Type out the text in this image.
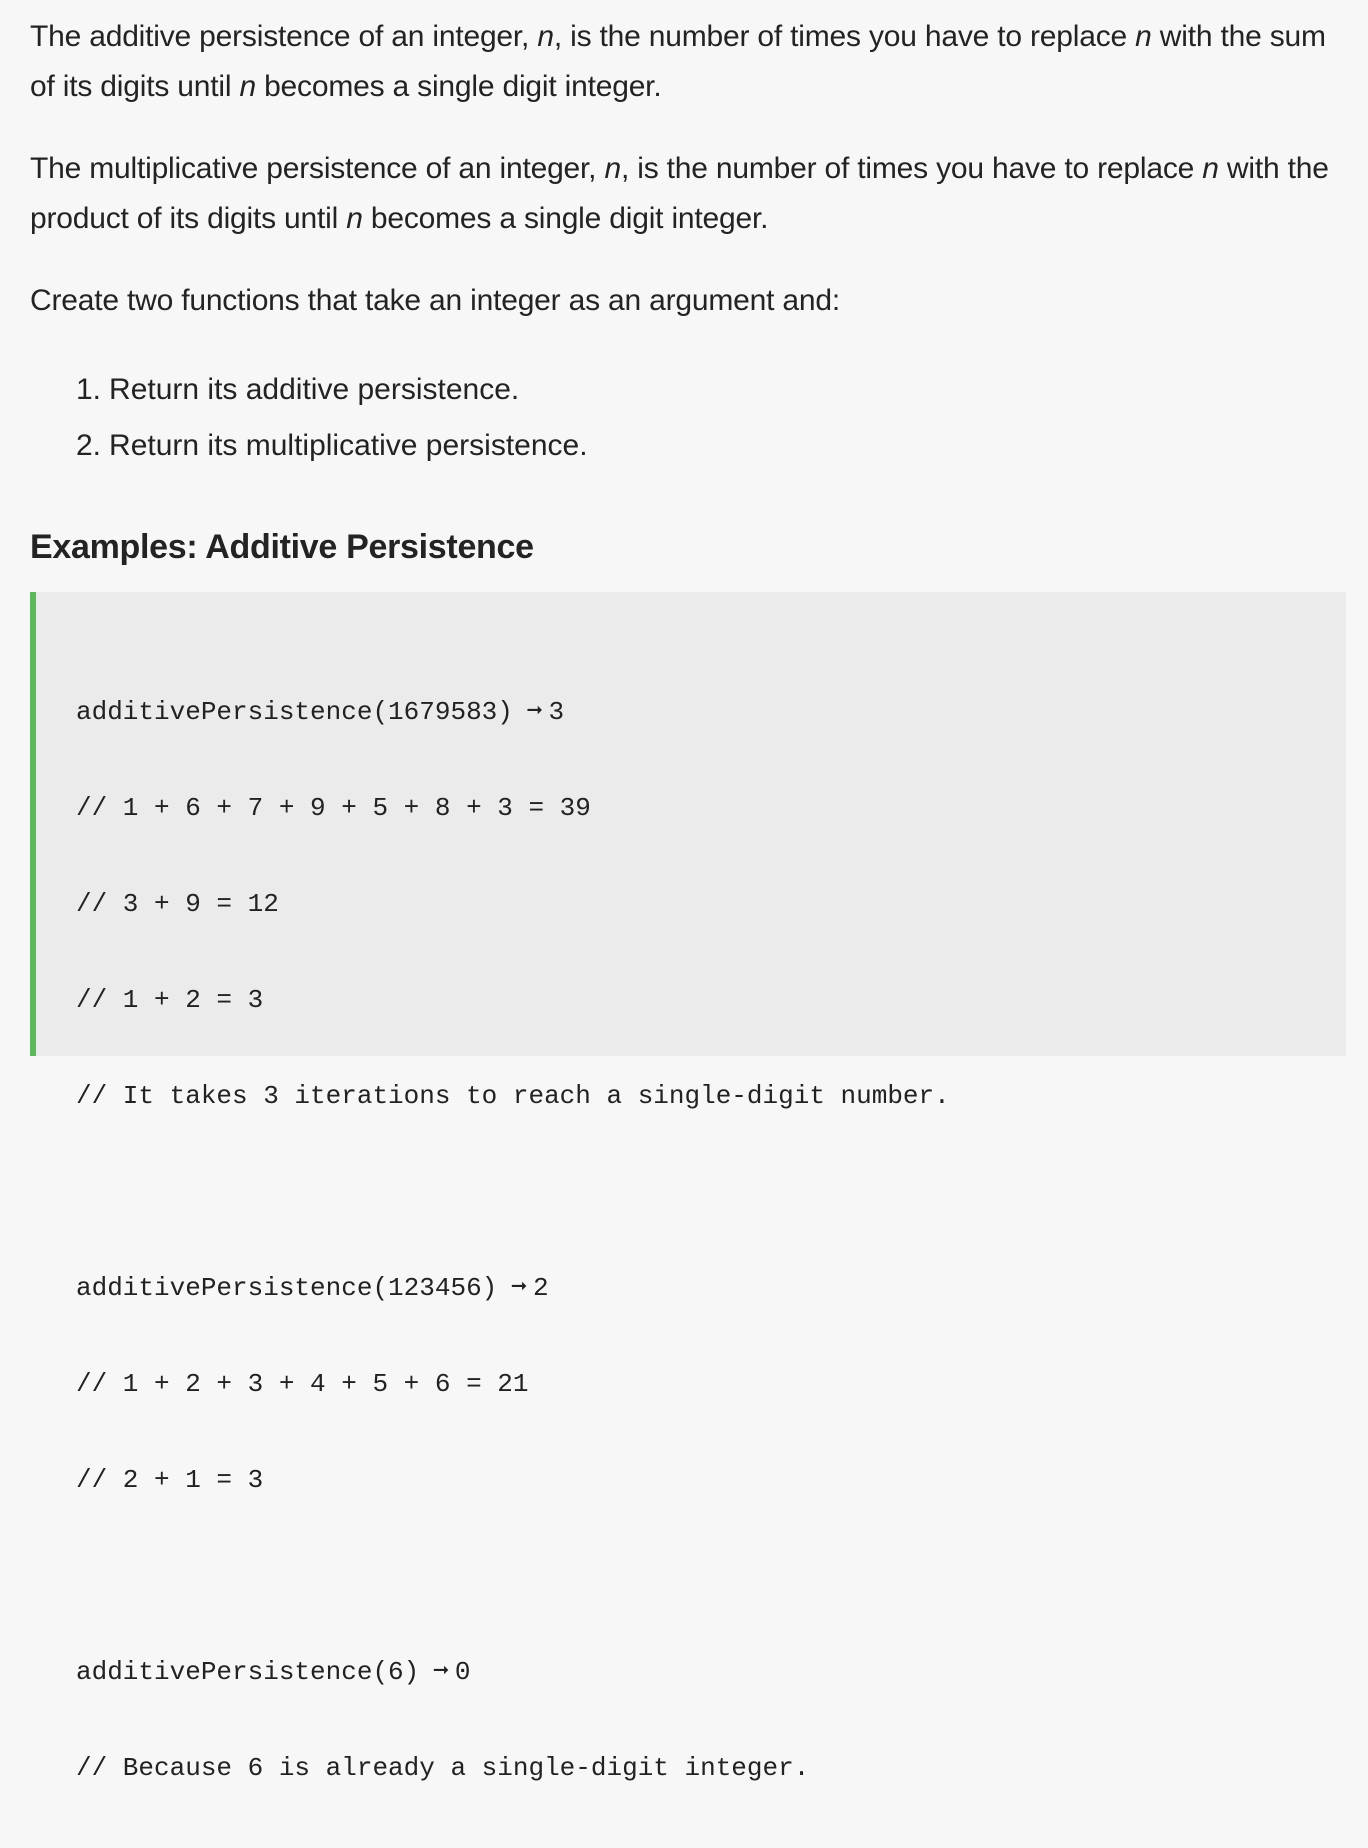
The additive persistence of an integer, n, is the number of times you have to replace n with the sum of its digits until n becomes a single digit integer.

The multiplicative persistence of an integer, n, is the number of times you have to replace n with the product of its digits until n becomes a single digit integer.

Create two functions that take an integer as an argument and:

1. Return its additive persistence.
2. Return its multiplicative persistence.
Examples: Additive Persistence

additivePersistence(1679583) ➞ 3

// 1 + 6 + 7 + 9 + 5 + 8 + 3 = 39

// 3 + 9 = 12

// 1 + 2 = 3

// It takes 3 iterations to reach a single-digit number.

additivePersistence(123456) ➞ 2

// 1 + 2 + 3 + 4 + 5 + 6 = 21

// 2 + 1 = 3

additivePersistence(6) ➞ 0

// Because 6 is already a single-digit integer.
